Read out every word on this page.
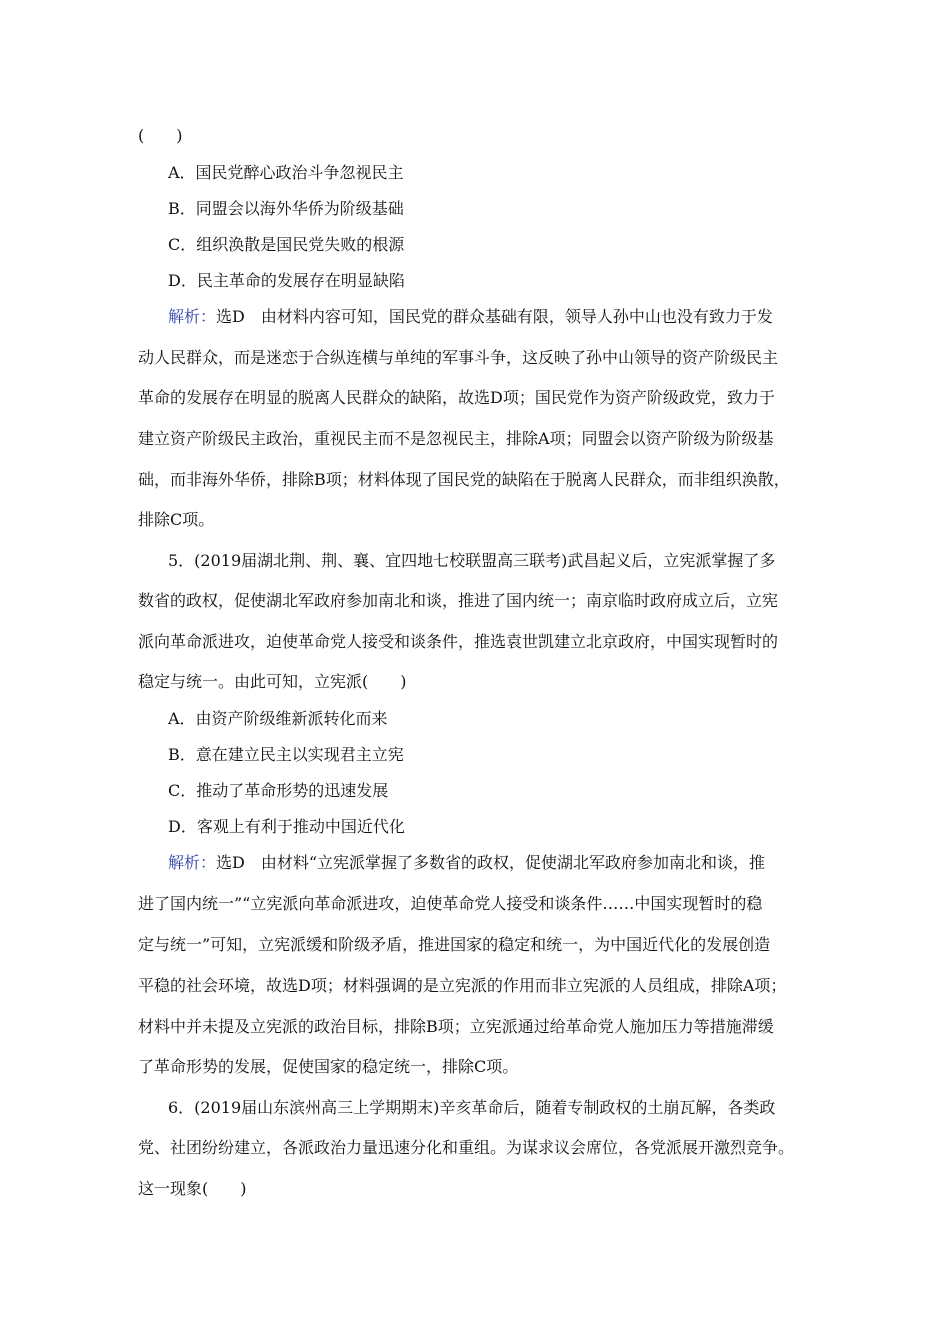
(　　)
A．国民党醉心政治斗争忽视民主
B．同盟会以海外华侨为阶级基础
C．组织涣散是国民党失败的根源
D．民主革命的发展存在明显缺陷
解析：选D　由材料内容可知，国民党的群众基础有限，领导人孙中山也没有致力于发
动人民群众，而是迷恋于合纵连横与单纯的军事斗争，这反映了孙中山领导的资产阶级民主
革命的发展存在明显的脱离人民群众的缺陷，故选D项；国民党作为资产阶级政党，致力于
建立资产阶级民主政治，重视民主而不是忽视民主，排除A项；同盟会以资产阶级为阶级基
础，而非海外华侨，排除B项；材料体现了国民党的缺陷在于脱离人民群众，而非组织涣散，
排除C项。
5．(2019届湖北荆、荆、襄、宜四地七校联盟高三联考)武昌起义后，立宪派掌握了多
数省的政权，促使湖北军政府参加南北和谈，推进了国内统一；南京临时政府成立后，立宪
派向革命派进攻，迫使革命党人接受和谈条件，推选袁世凯建立北京政府，中国实现暂时的
稳定与统一。由此可知，立宪派(　　)
A．由资产阶级维新派转化而来
B．意在建立民主以实现君主立宪
C．推动了革命形势的迅速发展
D．客观上有利于推动中国近代化
解析：选D　由材料“立宪派掌握了多数省的政权，促使湖北军政府参加南北和谈，推
进了国内统一”“立宪派向革命派进攻，迫使革命党人接受和谈条件……中国实现暂时的稳
定与统一”可知，立宪派缓和阶级矛盾，推进国家的稳定和统一，为中国近代化的发展创造
平稳的社会环境，故选D项；材料强调的是立宪派的作用而非立宪派的人员组成，排除A项；
材料中并未提及立宪派的政治目标，排除B项；立宪派通过给革命党人施加压力等措施滞缓
了革命形势的发展，促使国家的稳定统一，排除C项。
6．(2019届山东滨州高三上学期期末)辛亥革命后，随着专制政权的土崩瓦解，各类政
党、社团纷纷建立，各派政治力量迅速分化和重组。为谋求议会席位，各党派展开激烈竞争。
这一现象(　　)
